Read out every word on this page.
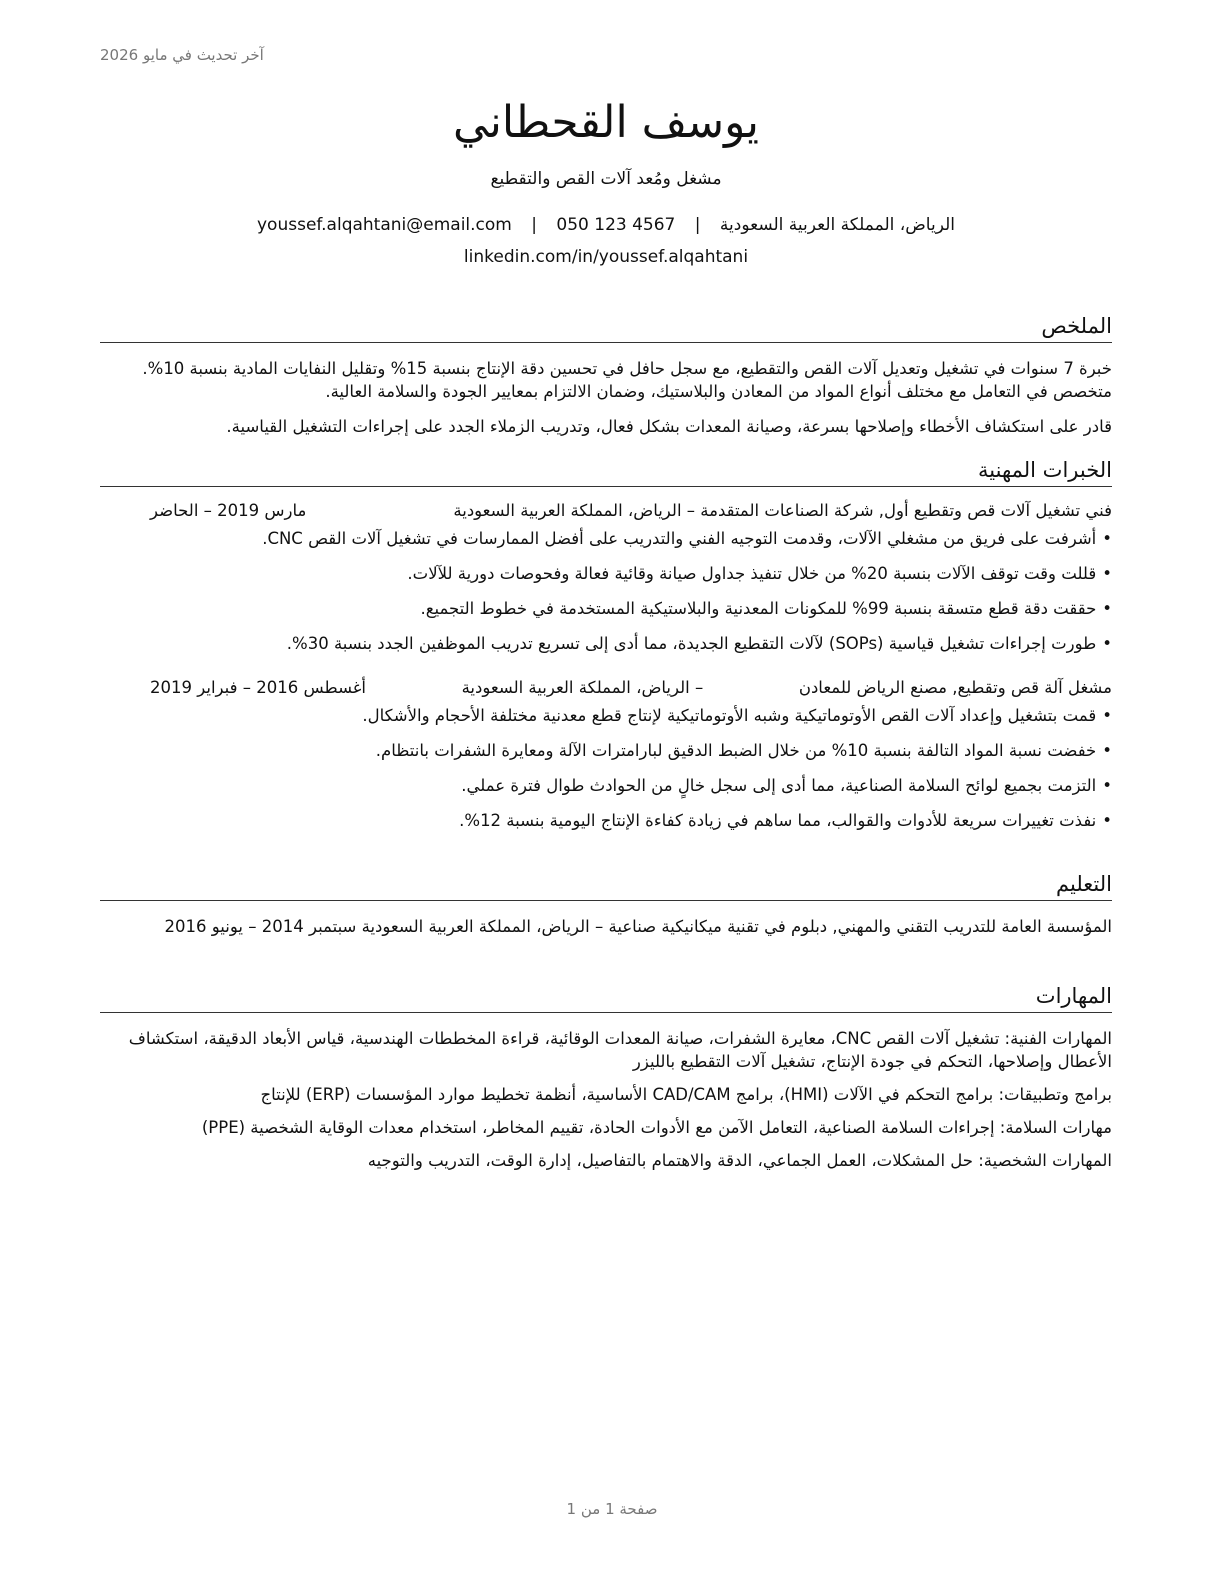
آخر تحديث في مايو 2026
يوسف القحطاني
مشغل ومُعد آلات القص والتقطيع
الرياض، المملكة العربية السعودية | youssef.alqahtani@email.com | 050 123 4567
linkedin.com/in/youssef.alqahtani
الملخص

خبرة 7 سنوات في تشغيل وتعديل آلات القص والتقطيع، مع سجل حافل في تحسين دقة الإنتاج بنسبة 15% وتقليل النفايات المادية بنسبة 10%. متخصص في التعامل مع مختلف أنواع المواد من المعادن والبلاستيك، وضمان الالتزام بمعايير الجودة والسلامة العالية.

قادر على استكشاف الأخطاء وإصلاحها بسرعة، وصيانة المعدات بشكل فعال، وتدريب الزملاء الجدد على إجراءات التشغيل القياسية.

الخبرات المهنية
فني تشغيل آلات قص وتقطيع أول, شركة الصناعات المتقدمة – الرياض، المملكة العربية السعودية
مارس 2019 – الحاضر
•أشرفت على فريق من مشغلي الآلات، وقدمت التوجيه الفني والتدريب على أفضل الممارسات في تشغيل آلات القص CNC.
•قللت وقت توقف الآلات بنسبة 20% من خلال تنفيذ جداول صيانة وقائية فعالة وفحوصات دورية للآلات.
•حققت دقة قطع متسقة بنسبة 99% للمكونات المعدنية والبلاستيكية المستخدمة في خطوط التجميع.
•طورت إجراءات تشغيل قياسية (SOPs) لآلات التقطيع الجديدة، مما أدى إلى تسريع تدريب الموظفين الجدد بنسبة 30%.
مشغل آلة قص وتقطيع, مصنع الرياض للمعادن
– الرياض، المملكة العربية السعودية
أغسطس 2016 – فبراير 2019
•قمت بتشغيل وإعداد آلات القص الأوتوماتيكية وشبه الأوتوماتيكية لإنتاج قطع معدنية مختلفة الأحجام والأشكال.
•خفضت نسبة المواد التالفة بنسبة 10% من خلال الضبط الدقيق لبارامترات الآلة ومعايرة الشفرات بانتظام.
•التزمت بجميع لوائح السلامة الصناعية، مما أدى إلى سجل خالٍ من الحوادث طوال فترة عملي.
•نفذت تغييرات سريعة للأدوات والقوالب، مما ساهم في زيادة كفاءة الإنتاج اليومية بنسبة 12%.
التعليم
المؤسسة العامة للتدريب التقني والمهني, دبلوم في تقنية ميكانيكية صناعية – الرياض، المملكة العربية السعودية سبتمبر 2014 – يونيو 2016
المهارات
المهارات الفنية: تشغيل آلات القص CNC، معايرة الشفرات، صيانة المعدات الوقائية، قراءة المخططات الهندسية، قياس الأبعاد الدقيقة، استكشاف الأعطال وإصلاحها، التحكم في جودة الإنتاج، تشغيل آلات التقطيع بالليزر
برامج وتطبيقات: برامج التحكم في الآلات (HMI)، برامج CAD/CAM الأساسية، أنظمة تخطيط موارد المؤسسات (ERP) للإنتاج
مهارات السلامة: إجراءات السلامة الصناعية، التعامل الآمن مع الأدوات الحادة، تقييم المخاطر، استخدام معدات الوقاية الشخصية (PPE)
المهارات الشخصية: حل المشكلات، العمل الجماعي، الدقة والاهتمام بالتفاصيل، إدارة الوقت، التدريب والتوجيه
صفحة 1 من 1
